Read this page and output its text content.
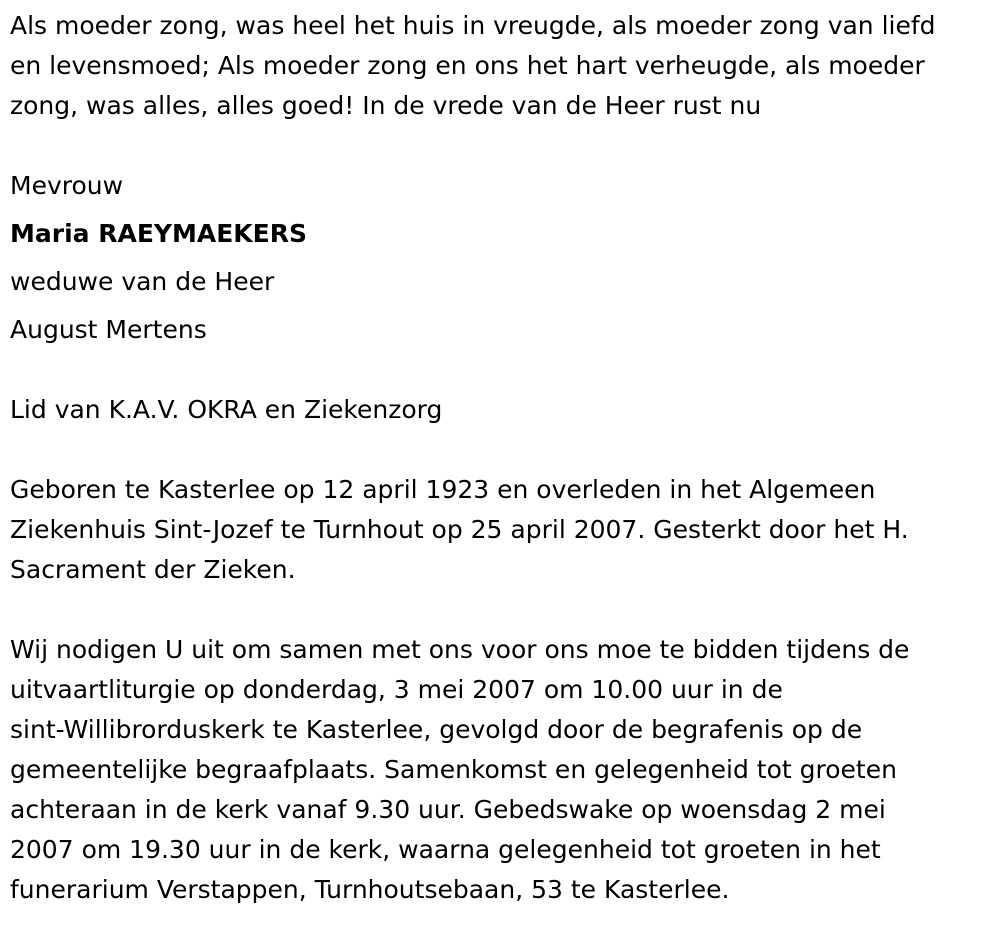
Als moeder zong, was heel het huis in vreugde, als moeder zong van liefd
en levensmoed; Als moeder zong en ons het hart verheugde, als moeder
zong, was alles, alles goed! In de vrede van de Heer rust nu
Mevrouw
Maria RAEYMAEKERS
weduwe van de Heer
August Mertens
Lid van K.A.V. OKRA en Ziekenzorg
Geboren te Kasterlee op 12 april 1923 en overleden in het Algemeen
Ziekenhuis Sint-Jozef te Turnhout op 25 april 2007. Gesterkt door het H.
Sacrament der Zieken.
Wij nodigen U uit om samen met ons voor ons moe te bidden tijdens de
uitvaartliturgie op donderdag, 3 mei 2007 om 10.00 uur in de
sint-Willibrorduskerk te Kasterlee, gevolgd door de begrafenis op de
gemeentelijke begraafplaats. Samenkomst en gelegenheid tot groeten
achteraan in de kerk vanaf 9.30 uur. Gebedswake op woensdag 2 mei
2007 om 19.30 uur in de kerk, waarna gelegenheid tot groeten in het
funerarium Verstappen, Turnhoutsebaan, 53 te Kasterlee.
